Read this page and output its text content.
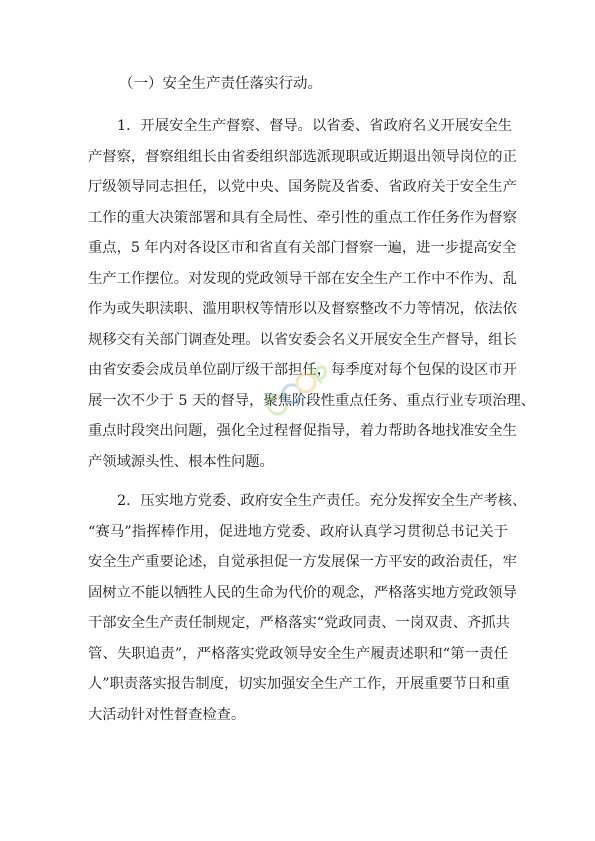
（一）安全生产责任落实行动。
1．开展安全生产督察、督导。以省委、省政府名义开展安全生
产督察，督察组组长由省委组织部选派现职或近期退出领导岗位的正
厅级领导同志担任，以党中央、国务院及省委、省政府关于安全生产
工作的重大决策部署和具有全局性、牵引性的重点工作任务作为督察
重点，5 年内对各设区市和省直有关部门督察一遍，进一步提高安全
生产工作摆位。对发现的党政领导干部在安全生产工作中不作为、乱
作为或失职渎职、滥用职权等情形以及督察整改不力等情况，依法依
规移交有关部门调查处理。以省安委会名义开展安全生产督导，组长
由省安委会成员单位副厅级干部担任，每季度对每个包保的设区市开
展一次不少于 5 天的督导，聚焦阶段性重点任务、重点行业专项治理、
重点时段突出问题，强化全过程督促指导，着力帮助各地找准安全生
产领域源头性、根本性问题。
2．压实地方党委、政府安全生产责任。充分发挥安全生产考核、
“赛马”指挥棒作用，促进地方党委、政府认真学习贯彻总书记关于
安全生产重要论述，自觉承担促一方发展保一方平安的政治责任，牢
固树立不能以牺牲人民的生命为代价的观念，严格落实地方党政领导
干部安全生产责任制规定，严格落实“党政同责、一岗双责、齐抓共
管、失职追责”，严格落实党政领导安全生产履责述职和“第一责任
人”职责落实报告制度，切实加强安全生产工作，开展重要节日和重
大活动针对性督查检查。
